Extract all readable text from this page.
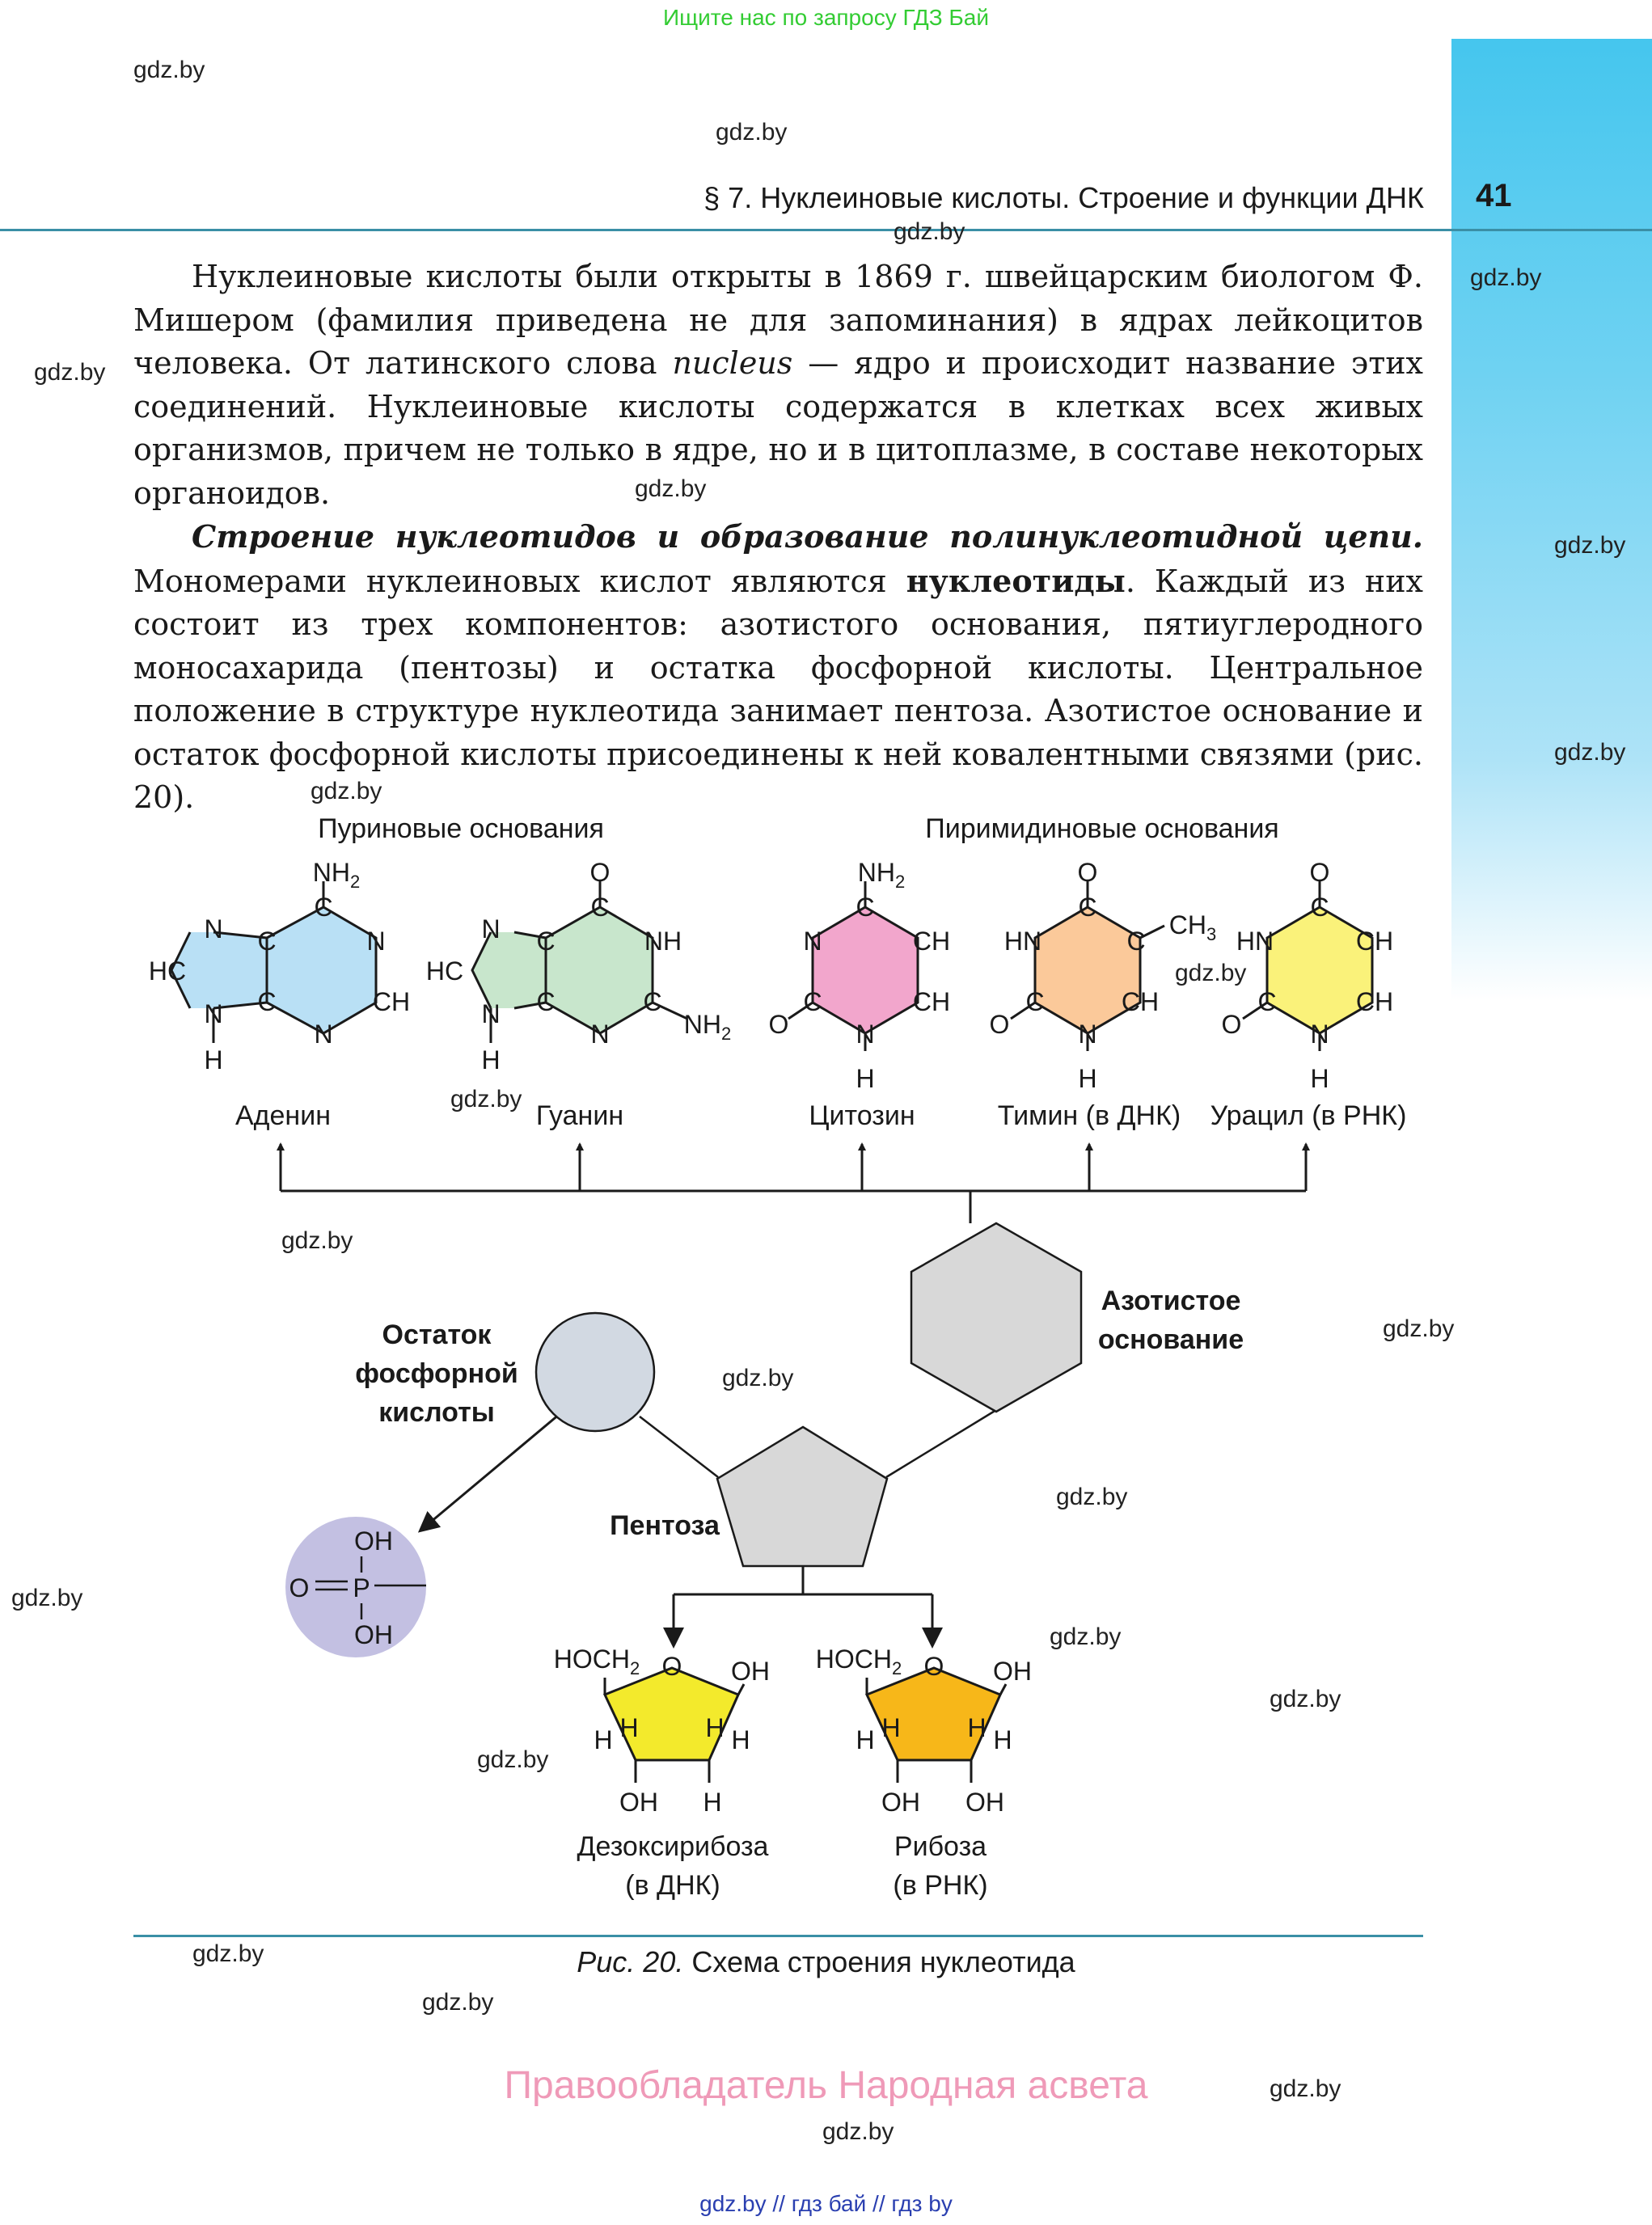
Ищите нас по запросу ГДЗ Бай
§ 7. Нуклеиновые кислоты. Строение и функции ДНК 41

Нуклеиновые кислоты были открыты в 1869 г. швейцарским биологом Ф. Мишером (фамилия приведена не для запоминания) в ядрах лейкоцитов человека. От латинского слова nucleus — ядро и происходит название этих соединений. Нуклеиновые кислоты содержатся в клетках всех живых организмов, причем не только в ядре, но и в цитоплазме, в составе некоторых органоидов.

Строение нуклеотидов и образование полинуклеотидной цепи. Мономерами нуклеиновых кислот являются нуклеотиды. Каждый из них состоит из трех компонентов: азотистого основания, пятиуглеродного моносахарида (пентозы) и остатка фосфорной кислоты. Центральное положение в структуре нуклеотида занимает пентоза. Азотистое основание и остаток фосфорной кислоты присоединены к ней ковалентными связями (рис. 20).

Пуриновые основания	Пиримидиновые основания
$NH_2$
C
N
CH
N
C
C
N
HC
N
H
O
C
NH
C
$NH_2$
N
C
C
N
HC
N
H
$NH_2$
C
N
C
CH
CH
O	N
H
O
C
HN	C
$CH_3$
C	CH
O	N
H
O
C
HN
C
CH
CH
O	N
H
Аденин	Гуанин	Цитозин	Тимин (в ДНК) Урацил (в РНК)
Азотистое
основание
Остаток
фосфорной
кислоты
Пентоза
OH
P
OH
O
O
$HOCH_2$	OH
H
H	H H
OH H
Дезоксирибоза
(в ДНК)
O
$HOCH_2$	OH
H
H	H H
OH OH
Рибоза
(в РНК)
Рис. 20. Схема строения нуклеотида
Правообладатель Народная асвета
gdz.by // гдз бай // гдз by
gdz.by
gdz.by
gdz.by
gdz.by
gdz.by
gdz.by
gdz.by
gdz.by
gdz.by
gdz.by
gdz.by
gdz.by
gdz.by
gdz.by
gdz.by
gdz.by
gdz.by
gdz.by
gdz.by
gdz.by
gdz.by
gdz.by
gdz.by
